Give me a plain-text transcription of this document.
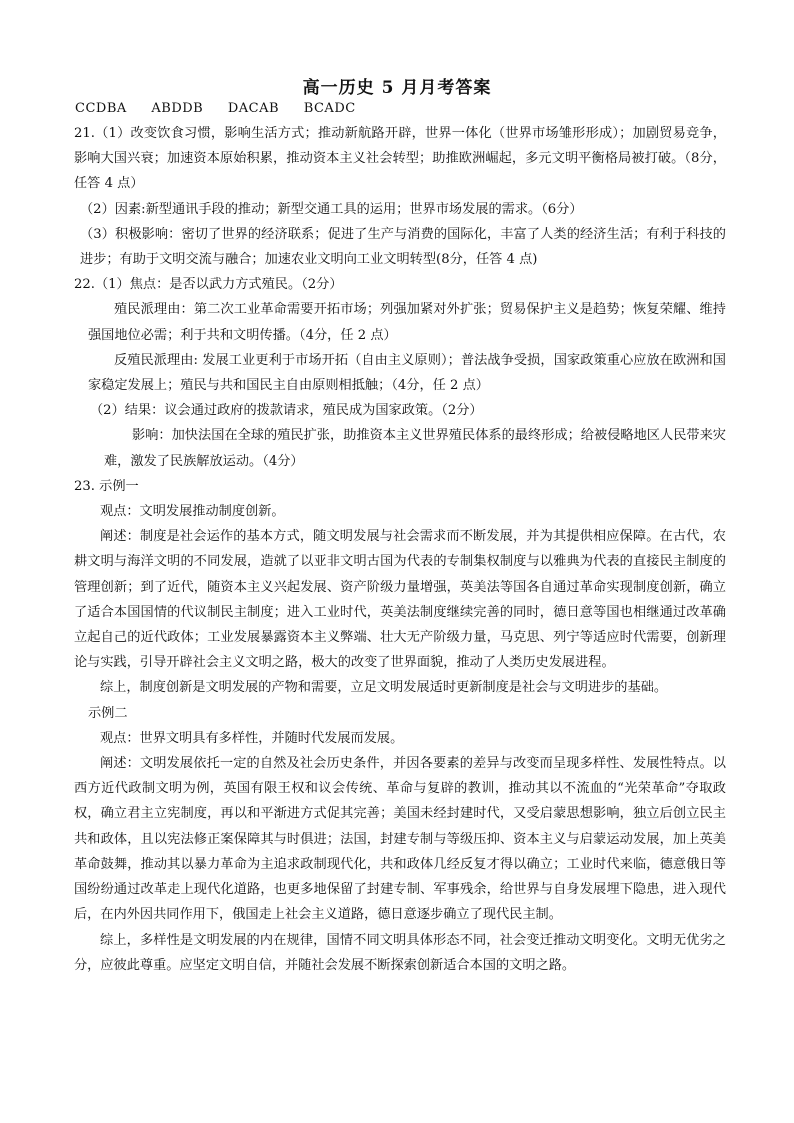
高一历史 5 月月考答案
CCDBA ABDDB DACAB BCADC

21.（1）改变饮食习惯，影响生活方式；推动新航路开辟，世界一体化（世界市场雏形形成）；加剧贸易竞争，影响大国兴衰；加速资本原始积累，推动资本主义社会转型；助推欧洲崛起，多元文明平衡格局被打破。（8分，任答 4 点）

（2）因素:新型通讯手段的推动；新型交通工具的运用；世界市场发展的需求。（6分）

（3）积极影响：密切了世界的经济联系；促进了生产与消费的国际化，丰富了人类的经济生活；有利于科技的进步；有助于文明交流与融合；加速农业文明向工业文明转型(8分，任答 4 点)

22.（1）焦点：是否以武力方式殖民。（2分）

殖民派理由：第二次工业革命需要开拓市场；列强加紧对外扩张；贸易保护主义是趋势；恢复荣耀、维持强国地位必需；利于共和文明传播。（4分，任 2 点）

反殖民派理由: 发展工业更利于市场开拓（自由主义原则）；普法战争受损，国家政策重心应放在欧洲和国家稳定发展上；殖民与共和国民主自由原则相抵触；（4分，任 2 点）

（2）结果：议会通过政府的拨款请求，殖民成为国家政策。（2分）

影响：加快法国在全球的殖民扩张，助推资本主义世界殖民体系的最终形成；给被侵略地区人民带来灾难，激发了民族解放运动。（4分）

23. 示例一

观点：文明发展推动制度创新。

阐述：制度是社会运作的基本方式，随文明发展与社会需求而不断发展，并为其提供相应保障。在古代，农耕文明与海洋文明的不同发展，造就了以亚非文明古国为代表的专制集权制度与以雅典为代表的直接民主制度的管理创新；到了近代，随资本主义兴起发展、资产阶级力量增强，英美法等国各自通过革命实现制度创新，确立了适合本国国情的代议制民主制度；进入工业时代，英美法制度继续完善的同时，德日意等国也相继通过改革确立起自己的近代政体；工业发展暴露资本主义弊端、壮大无产阶级力量，马克思、列宁等适应时代需要，创新理论与实践，引导开辟社会主义文明之路，极大的改变了世界面貌，推动了人类历史发展进程。

综上，制度创新是文明发展的产物和需要，立足文明发展适时更新制度是社会与文明进步的基础。

示例二

观点：世界文明具有多样性，并随时代发展而发展。

阐述：文明发展依托一定的自然及社会历史条件，并因各要素的差异与改变而呈现多样性、发展性特点。以西方近代政制文明为例，英国有限王权和议会传统、革命与复辟的教训，推动其以不流血的“光荣革命”夺取政权，确立君主立宪制度，再以和平渐进方式促其完善；美国未经封建时代，又受启蒙思想影响，独立后创立民主共和政体，且以宪法修正案保障其与时俱进；法国，封建专制与等级压抑、资本主义与启蒙运动发展，加上英美革命鼓舞，推动其以暴力革命为主追求政制现代化，共和政体几经反复才得以确立；工业时代来临，德意俄日等国纷纷通过改革走上现代化道路，也更多地保留了封建专制、军事残余，给世界与自身发展埋下隐患，进入现代后，在内外因共同作用下，俄国走上社会主义道路，德日意逐步确立了现代民主制。

综上，多样性是文明发展的内在规律，国情不同文明具体形态不同，社会变迁推动文明变化。文明无优劣之分，应彼此尊重。应坚定文明自信，并随社会发展不断探索创新适合本国的文明之路。
